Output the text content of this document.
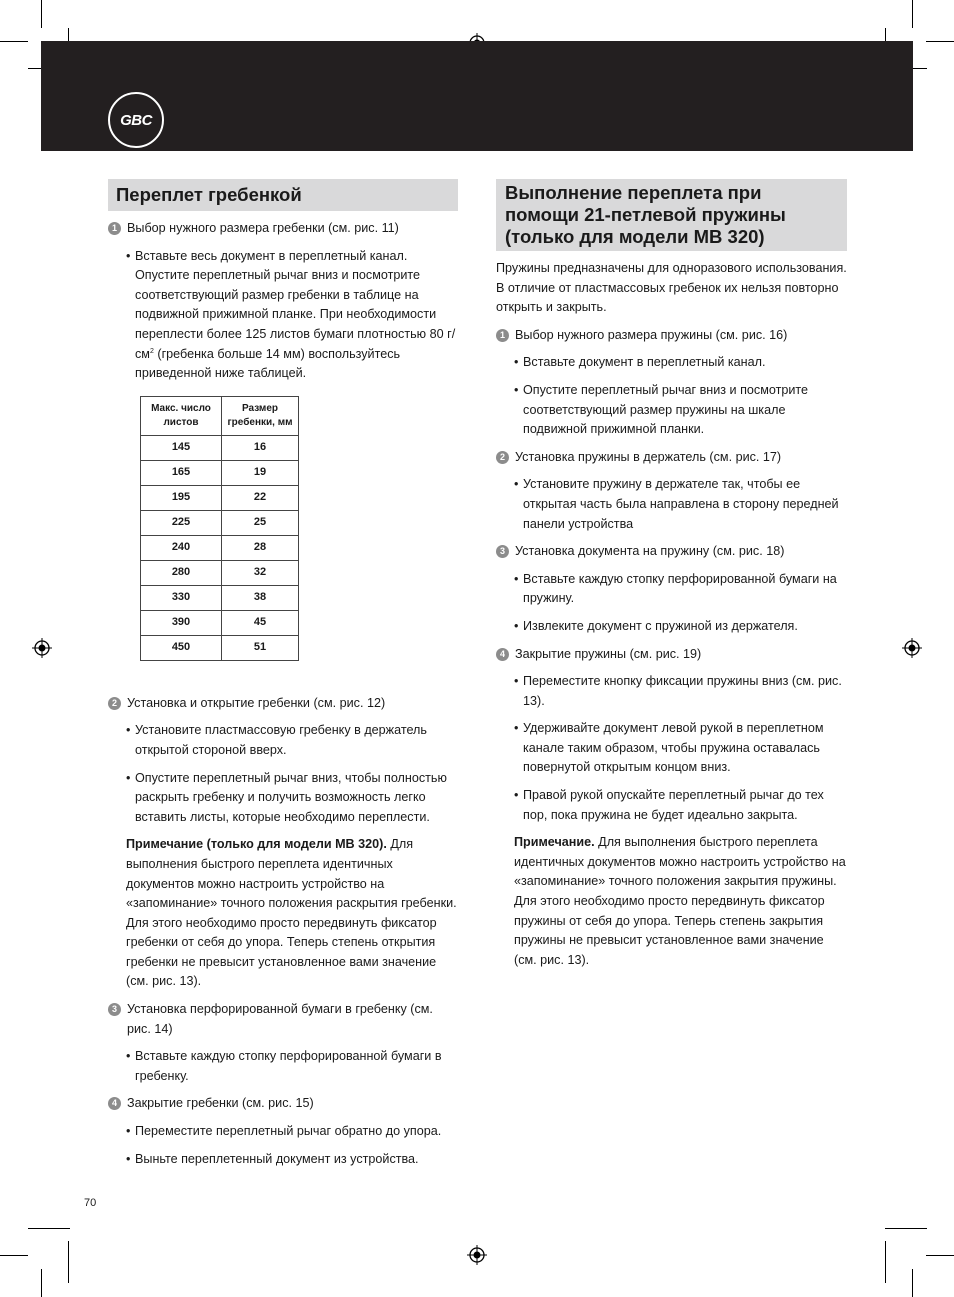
GBC
Переплет гребенкой
1 Выбор нужного размера гребенки (см. рис. 11)
• Вставьте весь документ в переплетный канал. Опустите переплетный рычаг вниз и посмотрите соответствующий размер гребенки в таблице на подвижной прижимной планке. При необходимости переплести более 125 листов бумаги плотностью 80 $г/см^2$ (гребенка больше 14 мм) воспользуйтесь приведенной ниже таблицей.
Макс. число листов	Размер гребенки, мм
145	16
165	19
195	22
225	25
240	28
280	32
330	38
390	45
450	51
2 Установка и открытие гребенки (см. рис. 12)
• Установите пластмассовую гребенку в держатель открытой стороной вверх.
• Опустите переплетный рычаг вниз, чтобы полностью раскрыть гребенку и получить возможность легко вставить листы, которые необходимо переплести.
Примечание (только для модели MB 320). Для выполнения быстрого переплета идентичных документов можно настроить устройство на «запоминание» точного положения раскрытия гребенки. Для этого необходимо просто передвинуть фиксатор гребенки от себя до упора. Теперь степень открытия гребенки не превысит установленное вами значение (см. рис. 13).
3 Установка перфорированной бумаги в гребенку (см. рис. 14)
• Вставьте каждую стопку перфорированной бумаги в гребенку.
4 Закрытие гребенки (см. рис. 15)
• Переместите переплетный рычаг обратно до упора.
• Выньте переплетенный документ из устройства.
Выполнение переплета при помощи 21-петлевой пружины (только для модели MB 320)

Пружины предназначены для одноразового использования. В отличие от пластмассовых гребенок их нельзя повторно открыть и закрыть.

1 Выбор нужного размера пружины (см. рис. 16)
• Вставьте документ в переплетный канал.
• Опустите переплетный рычаг вниз и посмотрите соответствующий размер пружины на шкале подвижной прижимной планки.
2 Установка пружины в держатель (см. рис. 17)
• Установите пружину в держателе так, чтобы ее открытая часть была направлена в сторону передней панели устройства
3 Установка документа на пружину (см. рис. 18)
• Вставьте каждую стопку перфорированной бумаги на пружину.
• Извлеките документ с пружиной из держателя.
4 Закрытие пружины (см. рис. 19)
• Переместите кнопку фиксации пружины вниз (см. рис. 13).
• Удерживайте документ левой рукой в переплетном канале таким образом, чтобы пружина оставалась повернутой открытым концом вниз.
• Правой рукой опускайте переплетный рычаг до тех пор, пока пружина не будет идеально закрыта.
Примечание. Для выполнения быстрого переплета идентичных документов можно настроить устройство на «запоминание» точного положения закрытия пружины. Для этого необходимо просто передвинуть фиксатор пружины от себя до упора. Теперь степень закрытия пружины не превысит установленное вами значение (см. рис. 13).
70
